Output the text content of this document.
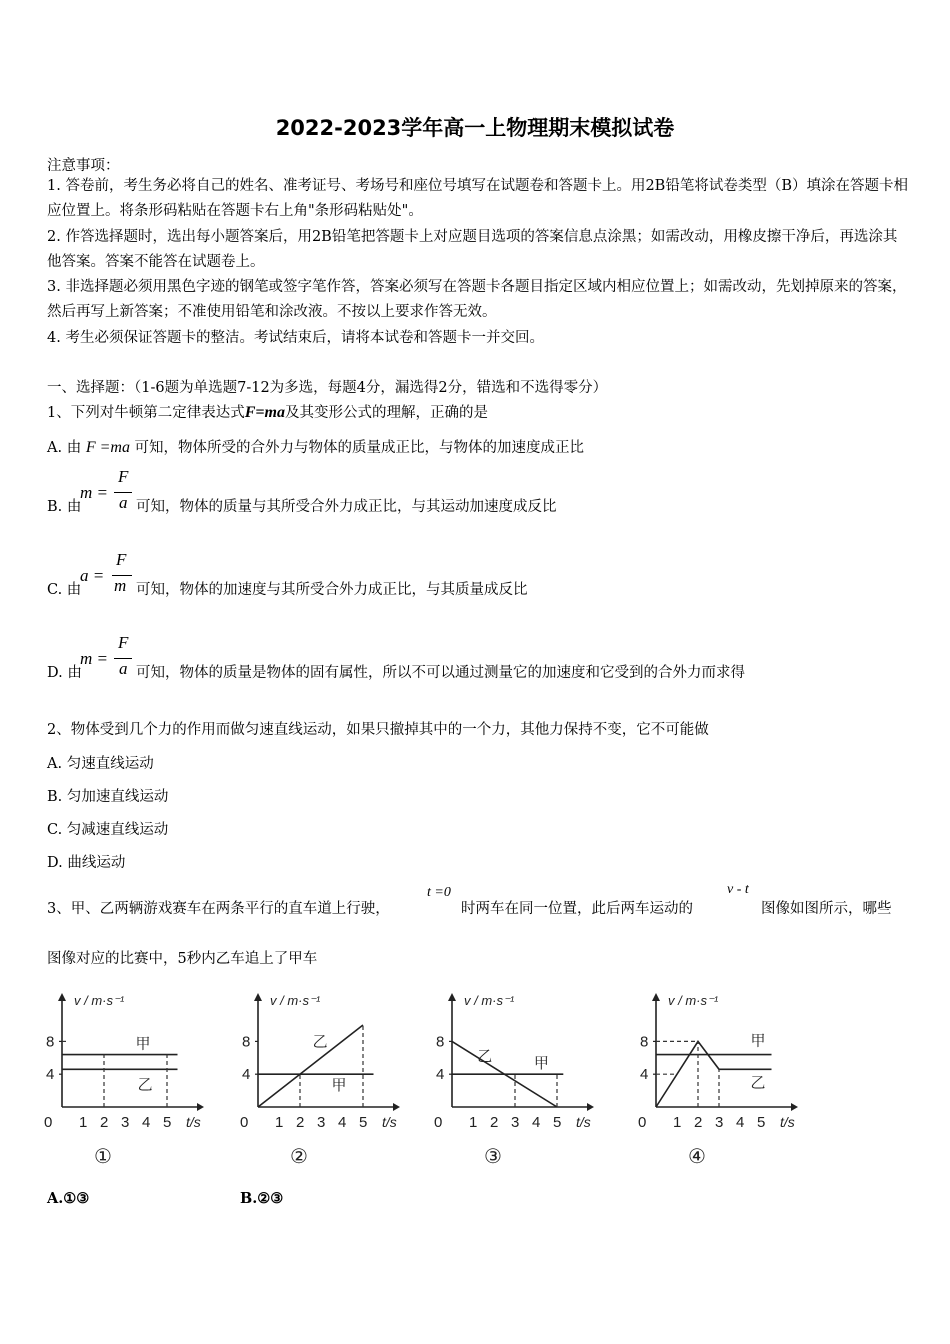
2022-2023学年高一上物理期末模拟试卷
注意事项：
1. 答卷前，考生务必将自己的姓名、准考证号、考场号和座位号填写在试题卷和答题卡上。用2B铅笔将试卷类型（B）填涂在答题卡相应位置上。将条形码粘贴在答题卡右上角"条形码粘贴处"。
2. 作答选择题时，选出每小题答案后，用2B铅笔把答题卡上对应题目选项的答案信息点涂黑；如需改动，用橡皮擦干净后，再选涂其他答案。答案不能答在试题卷上。
3. 非选择题必须用黑色字迹的钢笔或签字笔作答，答案必须写在答题卡各题目指定区域内相应位置上；如需改动，先划掉原来的答案，然后再写上新答案；不准使用铅笔和涂改液。不按以上要求作答无效。
4. 考生必须保证答题卡的整洁。考试结束后，请将本试卷和答题卡一并交回。
一、选择题：（1-6题为单选题7-12为多选，每题4分，漏选得2分，错选和不选得零分）
1、下列对牛顿第二定律表达式F=ma及其变形公式的理解，正确的是
A. 由 F =ma 可知，物体所受的合外力与物体的质量成正比，与物体的加速度成正比
B. 由
m =
F
a 可知，物体的质量与其所受合外力成正比，与其运动加速度成反比
C. 由
a =
F
m 可知，物体的加速度与其所受合外力成正比，与其质量成反比
D. 由
m =
F
a 可知，物体的质量是物体的固有属性，所以不可以通过测量它的加速度和它受到的合外力而求得
2、物体受到几个力的作用而做匀速直线运动，如果只撤掉其中的一个力，其他力保持不变，它不可能做
A. 匀速直线运动
B. 匀加速直线运动
C. 匀减速直线运动
D. 曲线运动
3、甲、乙两辆游戏赛车在两条平行的直车道上行驶，
t =0
时两车在同一位置，此后两车运动的
v - t
图像如图所示，哪些
图像对应的比赛中，5秒内乙车追上了甲车
v / m·s⁻¹
t/s
0 1 2 3 4 5
4
8	甲
乙
①
v / m·s⁻¹
t/s
0 1 2 3 4 5
4
8	乙
甲
②
v / m·s⁻¹
t/s
0 1 2 3 4 5
4
8
乙	甲
③
v / m·s⁻¹
t/s
0 1 2 3 4 5
4
8	甲
乙
④
A.①③	B.②③
